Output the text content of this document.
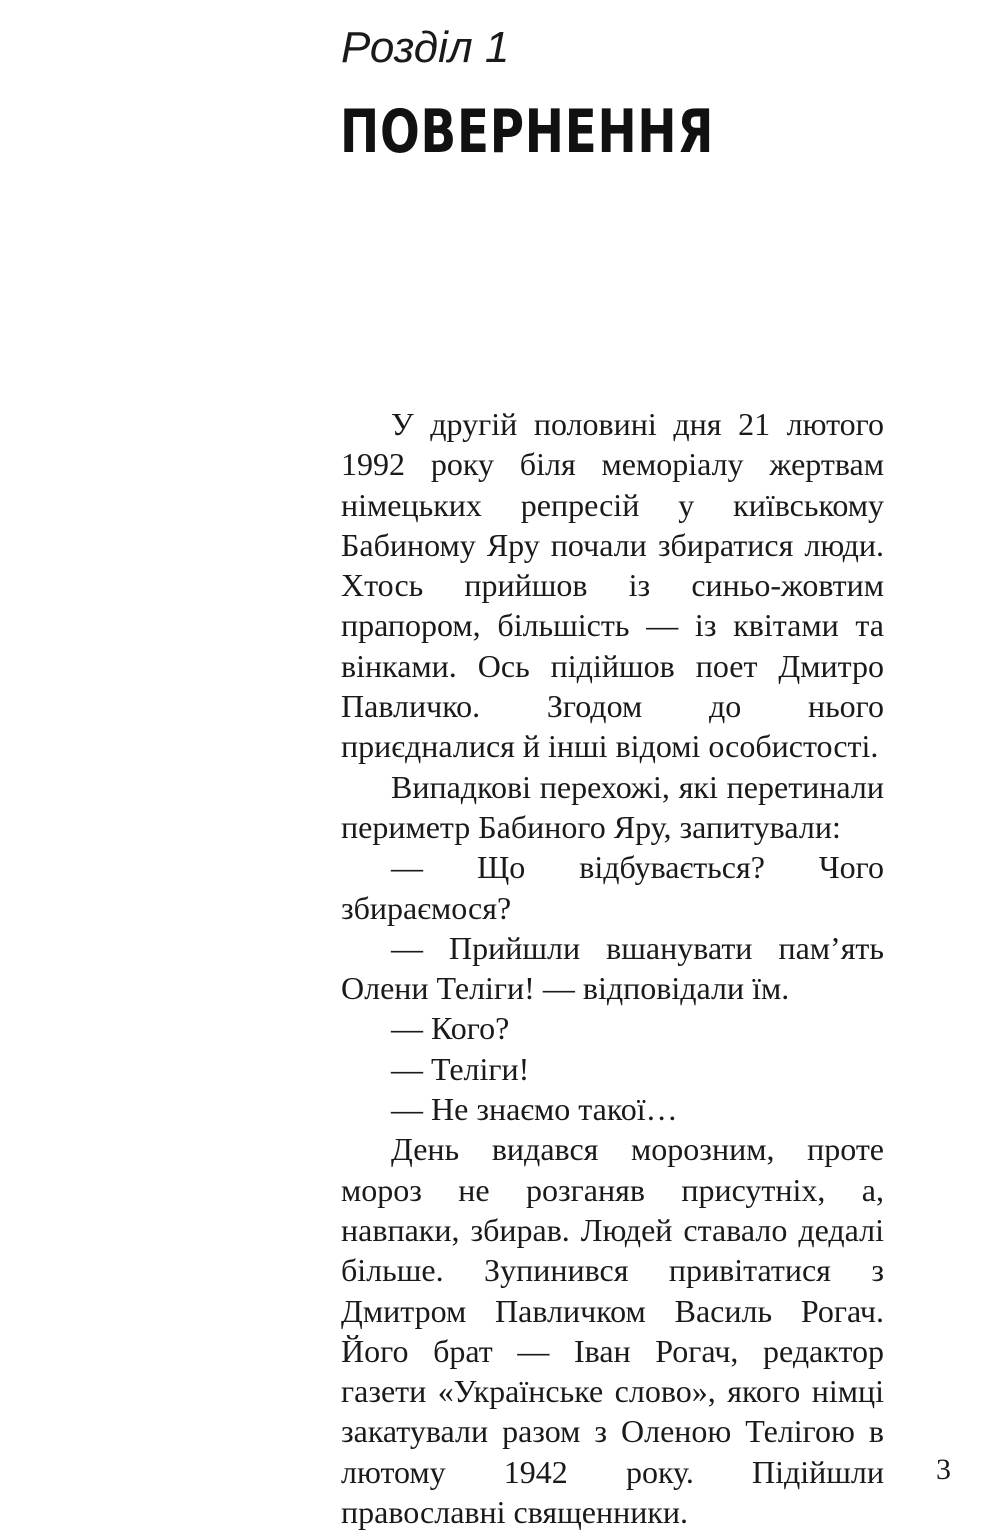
Розділ 1
ПОВЕРНЕННЯ

У другій половині дня 21 лютого 1992 року біля меморіалу жертвам німецьких репресій у київському Бабиному Яру почали збиратися люди. Хтось прийшов із синьо-жовтим прапором, більшість — із квітами та вінками. Ось підійшов поет Дмитро Павличко. Згодом до нього приєдналися й інші відомі особистості.

Випадкові перехожі, які перетинали периметр Бабиного Яру, запитували:

— Що відбувається? Чого збираємося?

— Прийшли вшанувати пам’ять Олени Теліги! — відповідали їм.

— Кого?

— Теліги!

— Не знаємо такої…

День видався морозним, проте мороз не розганяв присутніх, а, навпаки, збирав. Людей ставало дедалі більше. Зупинився привітатися з Дмитром Павличком Василь Рогач. Його брат — Іван Рогач, редактор газети «Українське слово», якого німці закатували разом з Оленою Телігою в лютому 1942 року. Підійшли православні священники.

3
